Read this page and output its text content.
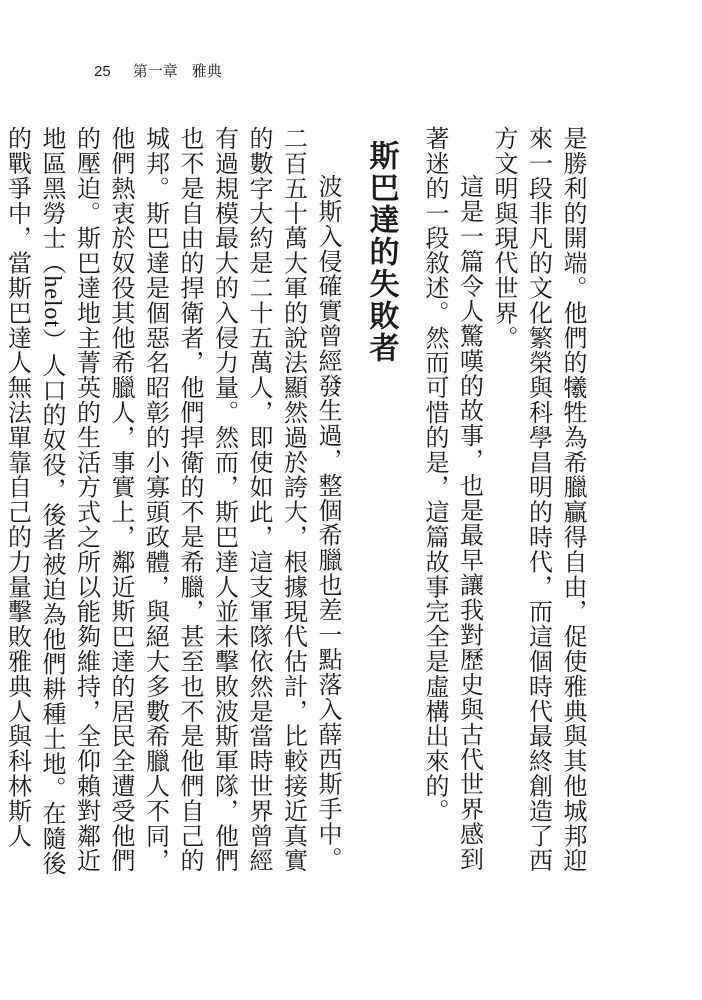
25 第一章 雅典

是勝利的開端。他們的犧牲為希臘贏得自由，促使雅典與其他城邦迎來一段非凡的文化繁榮與科學昌明的時代，而這個時代最終創造了西方文明與現代世界。

這是一篇令人驚嘆的故事，也是最早讓我對歷史與古代世界感到著迷的一段敘述。然而可惜的是，這篇故事完全是虛構出來的。

斯巴達的失敗者

波斯入侵確實曾經發生過，整個希臘也差一點落入薛西斯手中。二百五十萬大軍的說法顯然過於誇大，根據現代估計，比較接近真實的數字大約是二十五萬人，即使如此，這支軍隊依然是當時世界曾經有過規模最大的入侵力量。然而，斯巴達人並未擊敗波斯軍隊，他們也不是自由的捍衛者，他們捍衛的不是希臘，甚至也不是他們自己的城邦。斯巴達是個惡名昭彰的小寡頭政體，與絕大多數希臘人不同，他們熱衷於奴役其他希臘人，事實上，鄰近斯巴達的居民全遭受他們的壓迫。斯巴達地主菁英的生活方式之所以能夠維持，全仰賴對鄰近地區黑勞士（helot）人口的奴役，後者被迫為他們耕種土地。在隨後的戰爭中，當斯巴達人無法單靠自己的力量擊敗雅典人與科林斯人
